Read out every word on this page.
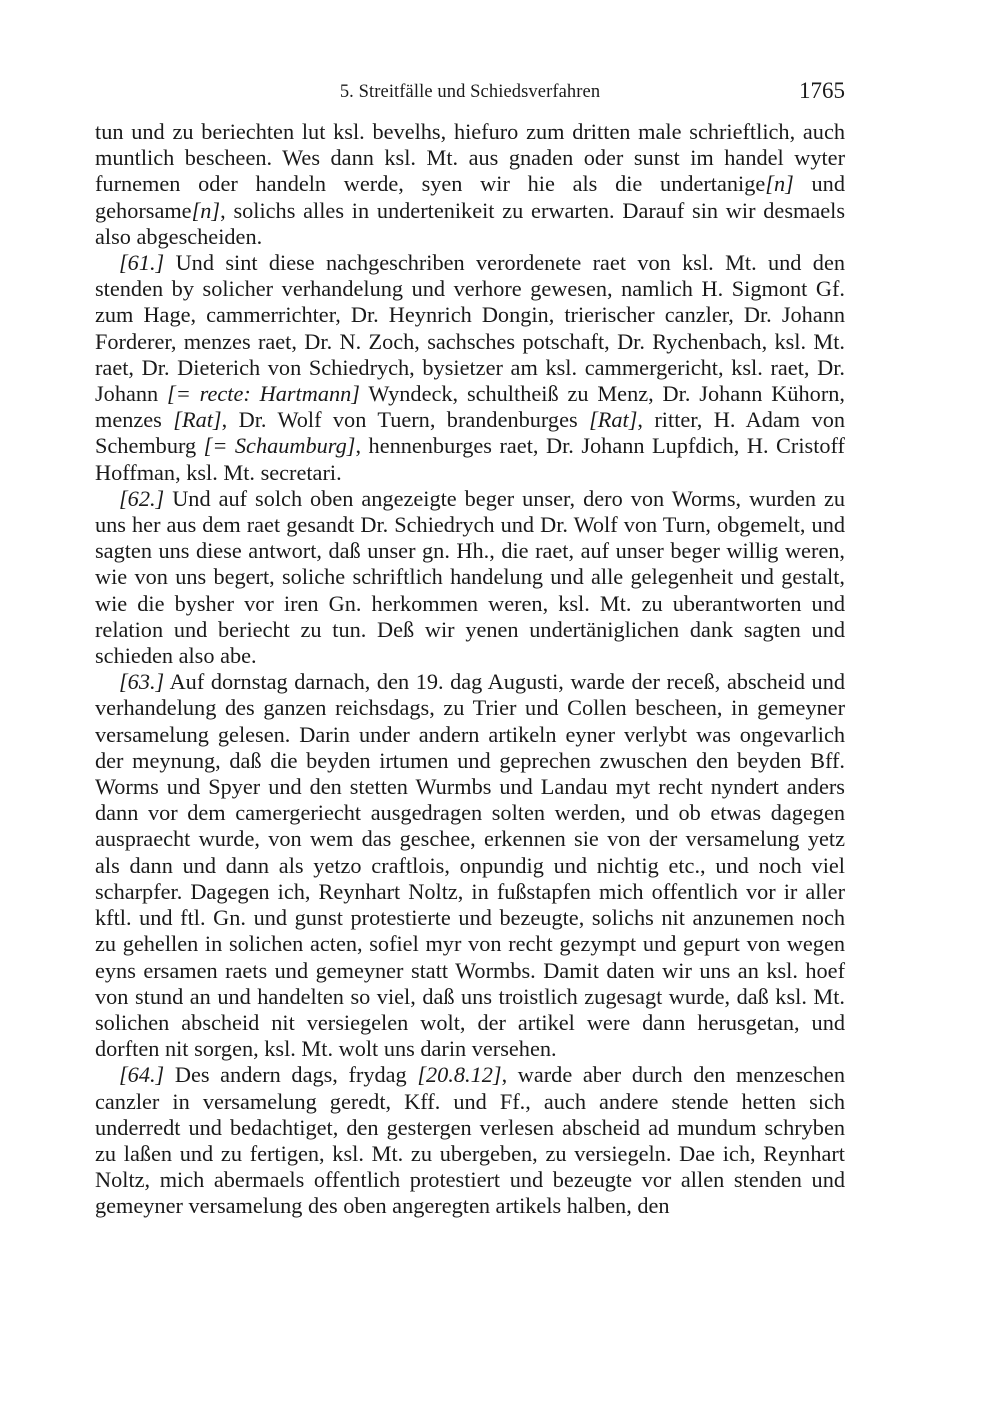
5. Streitfälle und Schiedsverfahren	1765

tun und zu beriechten lut ksl. bevelhs, hiefuro zum dritten male schrieftlich, auch muntlich bescheen. Wes dann ksl. Mt. aus gnaden oder sunst im handel wyter furnemen oder handeln werde, syen wir hie als die undertanige[n] und gehorsame[n], solichs alles in undertenikeit zu erwarten. Darauf sin wir desmaels also abgescheiden.

[61.] Und sint diese nachgeschriben verordenete raet von ksl. Mt. und den stenden by solicher verhandelung und verhore gewesen, namlich H. Sigmont Gf. zum Hage, cammerrichter, Dr. Heynrich Dongin, trierischer canzler, Dr. Johann Forderer, menzes raet, Dr. N. Zoch, sachsches potschaft, Dr. Rychenbach, ksl. Mt. raet, Dr. Dieterich von Schiedrych, bysietzer am ksl. cammergericht, ksl. raet, Dr. Johann [= recte: Hartmann] Wyndeck, schultheiß zu Menz, Dr. Johann Kühorn, menzes [Rat], Dr. Wolf von Tuern, brandenburges [Rat], ritter, H. Adam von Schemburg [= Schaumburg], hennenburges raet, Dr. Johann Lupfdich, H. Cristoff Hoffman, ksl. Mt. secretari.

[62.] Und auf solch oben angezeigte beger unser, dero von Worms, wurden zu uns her aus dem raet gesandt Dr. Schiedrych und Dr. Wolf von Turn, obgemelt, und sagten uns diese antwort, daß unser gn. Hh., die raet, auf unser beger willig weren, wie von uns begert, soliche schriftlich handelung und alle gelegenheit und gestalt, wie die bysher vor iren Gn. herkommen weren, ksl. Mt. zu uberantworten und relation und beriecht zu tun. Deß wir yenen undertäniglichen dank sagten und schieden also abe.

[63.] Auf dornstag darnach, den 19. dag Augusti, warde der receß, abscheid und verhandelung des ganzen reichsdags, zu Trier und Collen bescheen, in gemeyner versamelung gelesen. Darin under andern artikeln eyner verlybt was ongevarlich der meynung, daß die beyden irtumen und geprechen zwuschen den beyden Bff. Worms und Spyer und den stetten Wurmbs und Landau myt recht nyndert anders dann vor dem camergeriecht ausgedragen solten werden, und ob etwas dagegen auspraecht wurde, von wem das geschee, erkennen sie von der versamelung yetz als dann und dann als yetzo craftlois, onpundig und nichtig etc., und noch viel scharpfer. Dagegen ich, Reynhart Noltz, in fußstapfen mich offentlich vor ir aller kftl. und ftl. Gn. und gunst protestierte und bezeugte, solichs nit anzunemen noch zu gehellen in solichen acten, sofiel myr von recht gezympt und gepurt von wegen eyns ersamen raets und gemeyner statt Wormbs. Damit daten wir uns an ksl. hoef von stund an und handelten so viel, daß uns troistlich zugesagt wurde, daß ksl. Mt. solichen abscheid nit versiegelen wolt, der artikel were dann herusgetan, und dorften nit sorgen, ksl. Mt. wolt uns darin versehen.

[64.] Des andern dags, frydag [20.8.12], warde aber durch den menzeschen canzler in versamelung geredt, Kff. und Ff., auch andere stende hetten sich underredt und bedachtiget, den gestergen verlesen abscheid ad mundum schryben zu laßen und zu fertigen, ksl. Mt. zu ubergeben, zu versiegeln. Dae ich, Reynhart Noltz, mich abermaels offentlich protestiert und bezeugte vor allen stenden und gemeyner versamelung des oben angeregten artikels halben, den
